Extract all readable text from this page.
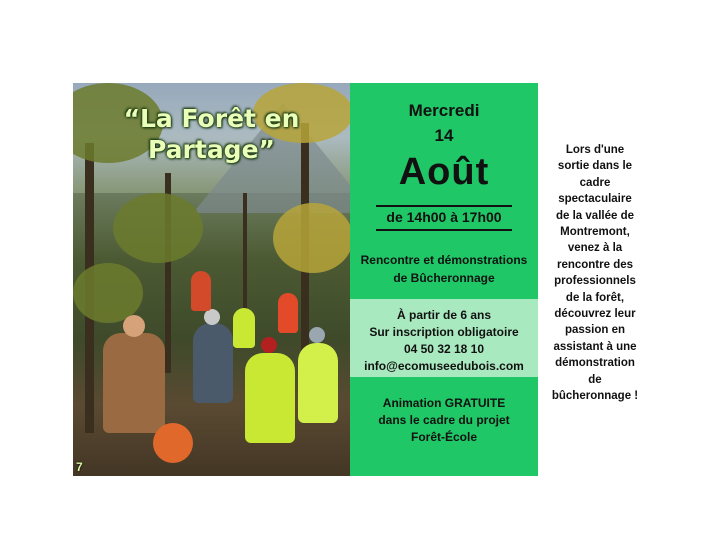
“La Forêt en
Partage”
7
Mercredi
14
Août
de 14h00 à 17h00
Rencontre et démonstrations
de Bûcheronnage
À partir de 6 ans
Sur inscription obligatoire
04 50 32 18 10
info@ecomuseedubois.com
Animation GRATUITE
dans le cadre du projet
Forêt-École
Lors d'une
sortie dans le
cadre
spectaculaire
de la vallée de
Montremont,
venez à la
rencontre des
professionnels
de la forêt,
découvrez leur
passion en
assistant à une
démonstration
de
bûcheronnage !
